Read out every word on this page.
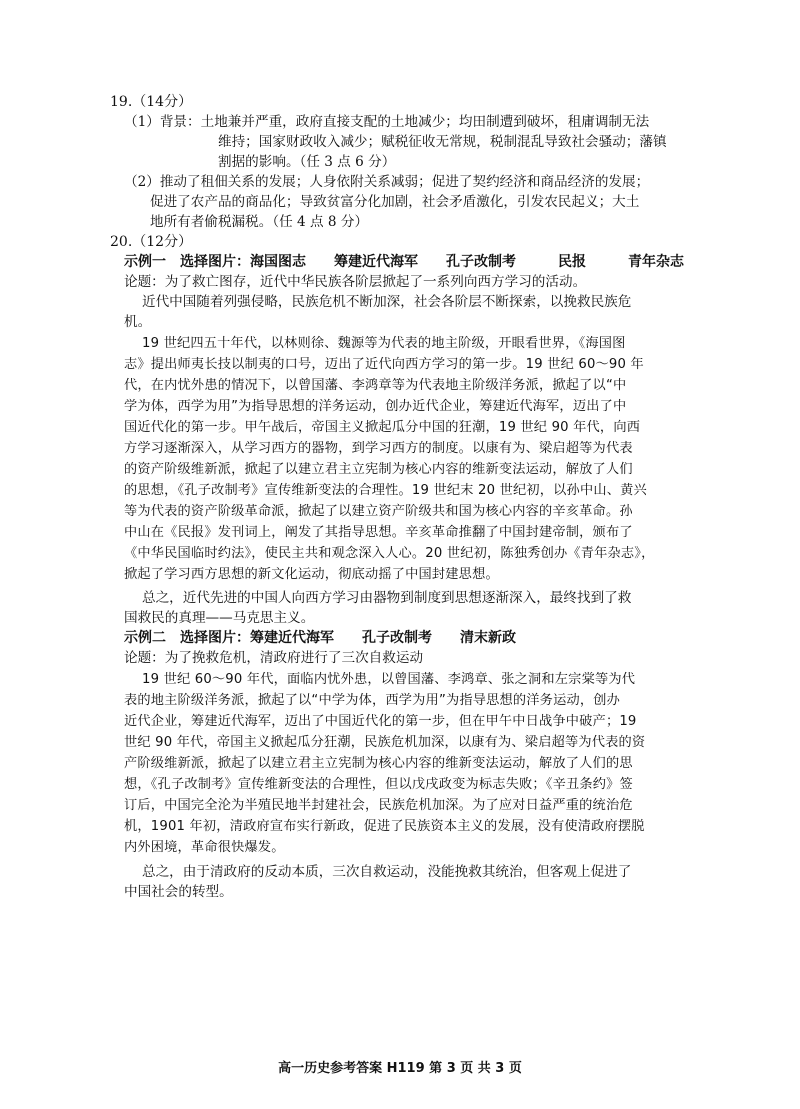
19.（14分）
（1）背景：土地兼并严重，政府直接支配的土地减少；均田制遭到破坏，租庸调制无法
维持；国家财政收入减少；赋税征收无常规，税制混乱导致社会骚动；藩镇
割据的影响。（任 3 点 6 分）
（2）推动了租佃关系的发展；人身依附关系减弱；促进了契约经济和商品经济的发展；
促进了农产品的商品化；导致贫富分化加剧，社会矛盾激化，引发农民起义；大土
地所有者偷税漏税。（任 4 点 8 分）
20.（12分）
示例一　选择图片：海国图志　　筹建近代海军　　孔子改制考　　　民报　　　青年杂志
论题：为了救亡图存，近代中华民族各阶层掀起了一系列向西方学习的活动。
近代中国随着列强侵略，民族危机不断加深，社会各阶层不断探索，以挽救民族危
机。
19 世纪四五十年代，以林则徐、魏源等为代表的地主阶级，开眼看世界，《海国图
志》提出师夷长技以制夷的口号，迈出了近代向西方学习的第一步。19 世纪 60～90 年
代，在内忧外患的情况下，以曾国藩、李鸿章等为代表地主阶级洋务派，掀起了以“中
学为体，西学为用”为指导思想的洋务运动，创办近代企业，筹建近代海军，迈出了中
国近代化的第一步。甲午战后，帝国主义掀起瓜分中国的狂潮，19 世纪 90 年代，向西
方学习逐渐深入，从学习西方的器物，到学习西方的制度。以康有为、梁启超等为代表
的资产阶级维新派，掀起了以建立君主立宪制为核心内容的维新变法运动，解放了人们
的思想，《孔子改制考》宣传维新变法的合理性。19 世纪末 20 世纪初，以孙中山、黄兴
等为代表的资产阶级革命派，掀起了以建立资产阶级共和国为核心内容的辛亥革命。孙
中山在《民报》发刊词上，阐发了其指导思想。辛亥革命推翻了中国封建帝制，颁布了
《中华民国临时约法》，使民主共和观念深入人心。20 世纪初，陈独秀创办《青年杂志》，
掀起了学习西方思想的新文化运动，彻底动摇了中国封建思想。
总之，近代先进的中国人向西方学习由器物到制度到思想逐渐深入，最终找到了救
国救民的真理——马克思主义。
示例二　选择图片：筹建近代海军　　孔子改制考　　清末新政
论题：为了挽救危机，清政府进行了三次自救运动
19 世纪 60～90 年代，面临内忧外患，以曾国藩、李鸿章、张之洞和左宗棠等为代
表的地主阶级洋务派，掀起了以“中学为体，西学为用”为指导思想的洋务运动，创办
近代企业，筹建近代海军，迈出了中国近代化的第一步，但在甲午中日战争中破产；19
世纪 90 年代，帝国主义掀起瓜分狂潮，民族危机加深，以康有为、梁启超等为代表的资
产阶级维新派，掀起了以建立君主立宪制为核心内容的维新变法运动，解放了人们的思
想，《孔子改制考》宣传维新变法的合理性，但以戊戌政变为标志失败；《辛丑条约》签
订后，中国完全沦为半殖民地半封建社会，民族危机加深。为了应对日益严重的统治危
机，1901 年初，清政府宣布实行新政，促进了民族资本主义的发展，没有使清政府摆脱
内外困境，革命很快爆发。
总之，由于清政府的反动本质，三次自救运动，没能挽救其统治，但客观上促进了
中国社会的转型。
高一历史参考答案 H119 第 3 页 共 3 页
